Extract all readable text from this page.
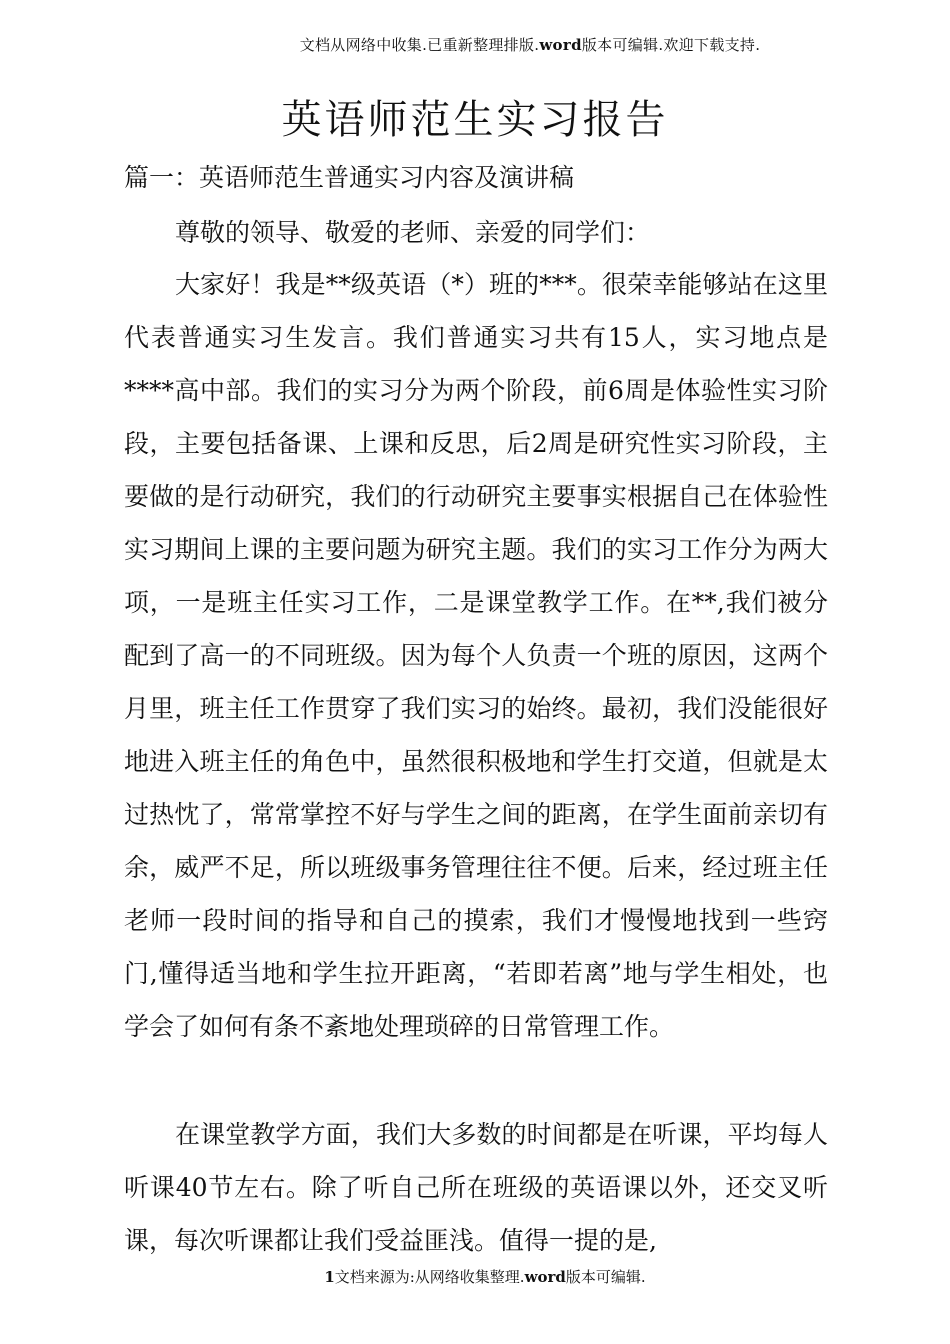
文档从网络中收集.已重新整理排版.word版本可编辑.欢迎下载支持.
英语师范生实习报告
篇一：英语师范生普通实习内容及演讲稿
尊敬的领导、敬爱的老师、亲爱的同学们：
大家好！我是**级英语（*）班的***。很荣幸能够站在这里代表普通实习生发言。我们普通实习共有15人，实习地点是****高中部。我们的实习分为两个阶段，前6周是体验性实习阶段，主要包括备课、上课和反思，后2周是研究性实习阶段，主要做的是行动研究，我们的行动研究主要事实根据自己在体验性实习期间上课的主要问题为研究主题。我们的实习工作分为两大项，一是班主任实习工作，二是课堂教学工作。在**,我们被分配到了高一的不同班级。因为每个人负责一个班的原因，这两个月里，班主任工作贯穿了我们实习的始终。最初，我们没能很好地进入班主任的角色中，虽然很积极地和学生打交道，但就是太过热忱了，常常掌控不好与学生之间的距离，在学生面前亲切有余，威严不足，所以班级事务管理往往不便。后来，经过班主任老师一段时间的指导和自己的摸索，我们才慢慢地找到一些窍门,懂得适当地和学生拉开距离，“若即若离”地与学生相处，也学会了如何有条不紊地处理琐碎的日常管理工作。
在课堂教学方面，我们大多数的时间都是在听课，平均每人听课40节左右。除了听自己所在班级的英语课以外，还交叉听课，每次听课都让我们受益匪浅。值得一提的是,
1文档来源为:从网络收集整理.word版本可编辑.
